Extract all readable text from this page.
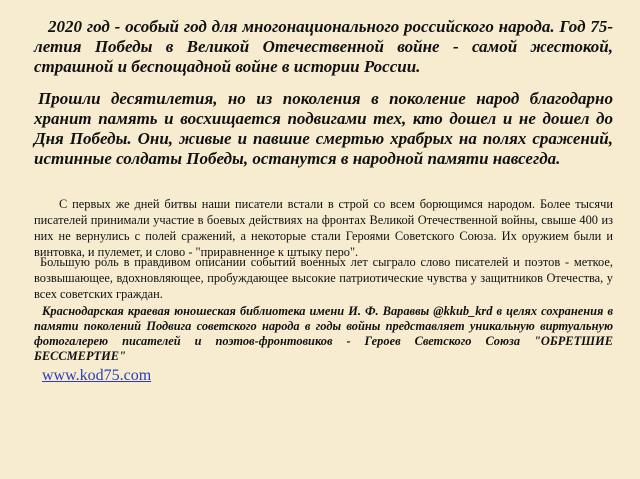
2020 год - особый год для многонационального российского народа. Год 75-летия Победы в Великой Отечественной войне - самой жестокой, страшной и беспощадной войне в истории России.

Прошли десятилетия, но из поколения в поколение народ благодарно хранит память и восхищается подвигами тех, кто дошел и не дошел до Дня Победы. Они, живые и павшие смертью храбрых на полях сражений, истинные солдаты Победы, останутся в народной памяти навсегда.

С первых же дней битвы наши писатели встали в строй со всем борющимся народом. Более тысячи писателей принимали участие в боевых действиях на фронтах Великой Отечественной войны, свыше 400 из них не вернулись с полей сражений, а некоторые стали Героями Советского Союза. Их оружием были и винтовка, и пулемет, и слово - "приравненное к штыку перо".

Большую роль в правдивом описании событий военных лет сыграло слово писателей и поэтов - меткое, возвышающее, вдохновляющее, пробуждающее высокие патриотические чувства у защитников Отечества, у всех советских граждан.

Краснодарская краевая юношеская библиотека имени И. Ф. Вараввы @kkub_krd в целях сохранения в памяти поколений Подвига советского народа в годы войны представляет уникальную виртуальную фотогалерею писателей и поэтов-фронтовиков - Героев Светского Союза "ОБРЕТШИЕ БЕССМЕРТИЕ"

www.kod75.com
